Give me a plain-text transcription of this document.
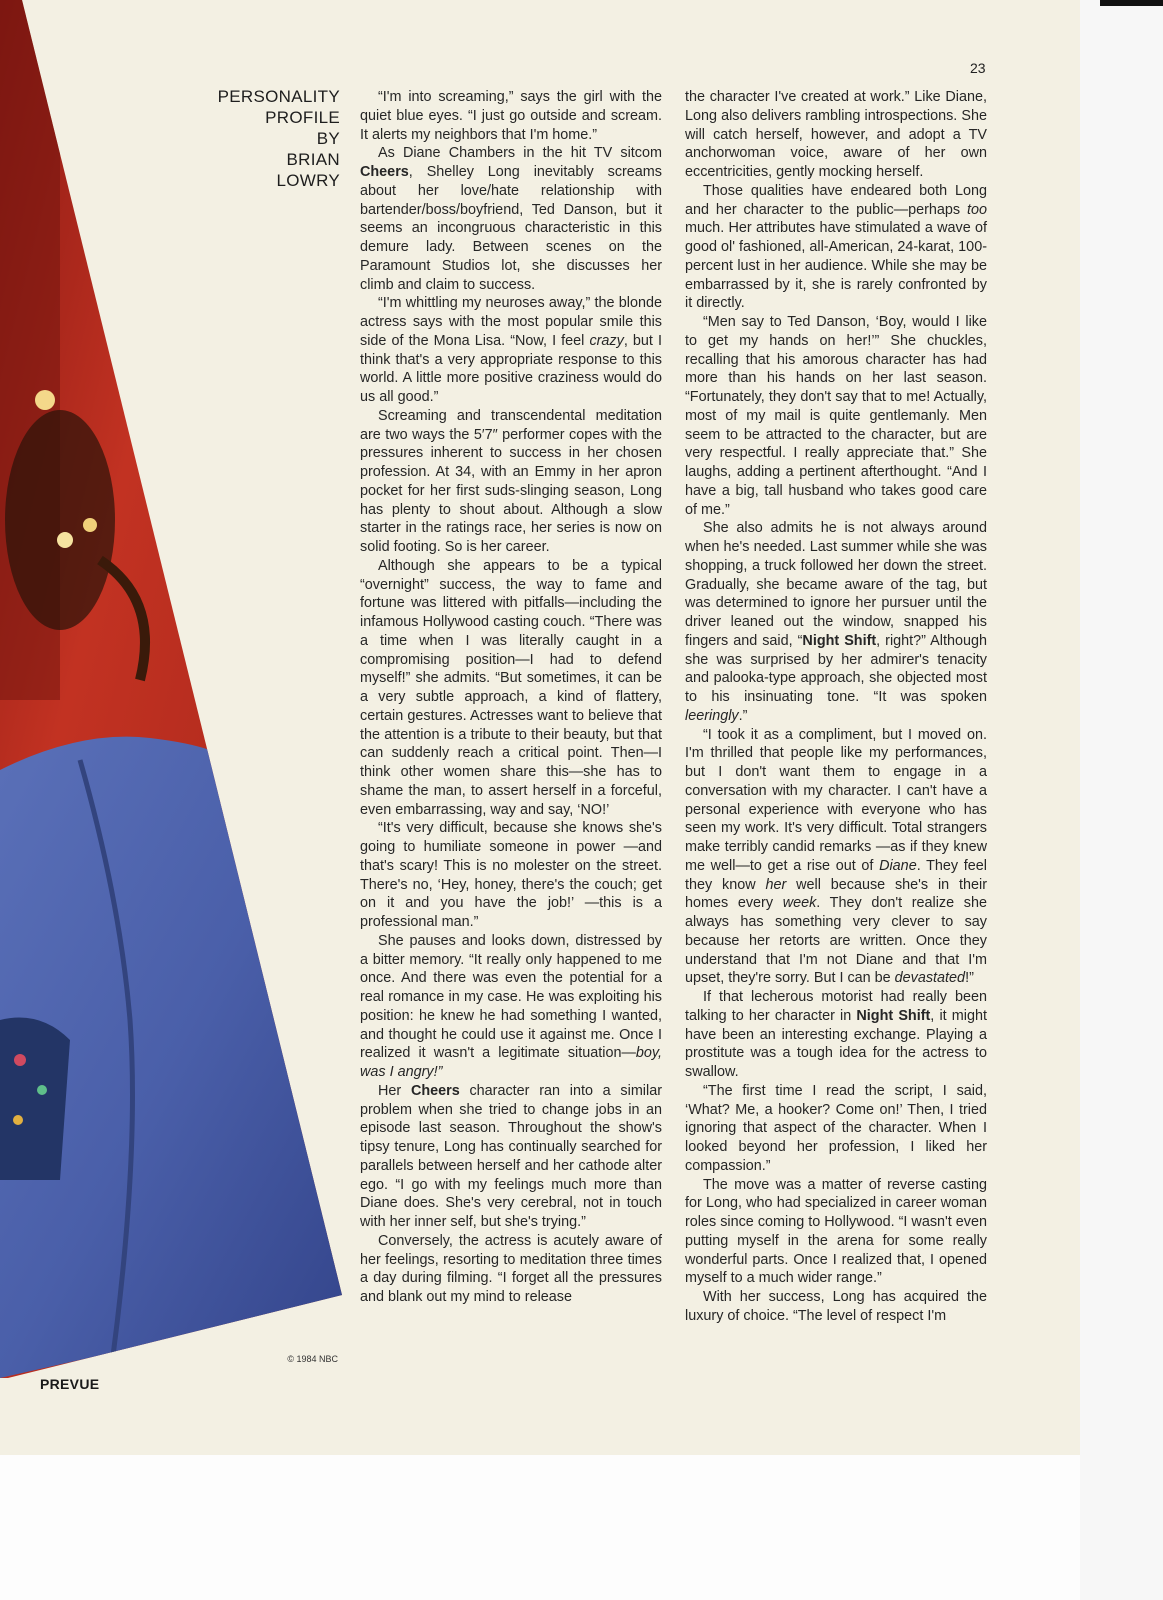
23
PERSONALITY
PROFILE
BY
BRIAN
LOWRY
© 1984 NBC
PREVUE

“I'm into screaming,” says the girl with the quiet blue eyes. “I just go outside and scream. It alerts my neighbors that I'm home.”

As Diane Chambers in the hit TV sitcom Cheers, Shelley Long inevitably screams about her love/hate relationship with bartender/boss/boyfriend, Ted Danson, but it seems an incongruous characteristic in this demure lady. Between scenes on the Paramount Studios lot, she discusses her climb and claim to success.

“I'm whittling my neuroses away,” the blonde actress says with the most popular smile this side of the Mona Lisa. “Now, I feel crazy, but I think that's a very appropriate response to this world. A little more positive craziness would do us all good.”

Screaming and transcendental meditation are two ways the 5′7″ performer copes with the pressures inherent to success in her chosen profession. At 34, with an Emmy in her apron pocket for her first suds-slinging season, Long has plenty to shout about. Although a slow starter in the ratings race, her series is now on solid footing. So is her career.

Although she appears to be a typical “overnight” success, the way to fame and fortune was littered with pitfalls—including the infamous Hollywood casting couch. “There was a time when I was literally caught in a compromising position—I had to defend myself!” she admits. “But sometimes, it can be a very subtle approach, a kind of flattery, certain gestures. Actresses want to believe that the attention is a tribute to their beauty, but that can suddenly reach a critical point. Then—I think other women share this—she has to shame the man, to assert herself in a forceful, even embarrassing, way and say, ‘NO!’

“It's very difficult, because she knows she's going to humiliate someone in power —and that's scary! This is no molester on the street. There's no, ‘Hey, honey, there's the couch; get on it and you have the job!’ —this is a professional man.”

She pauses and looks down, distressed by a bitter memory. “It really only happened to me once. And there was even the potential for a real romance in my case. He was exploiting his position: he knew he had something I wanted, and thought he could use it against me. Once I realized it wasn't a legitimate situation—boy, was I angry!”

Her Cheers character ran into a similar problem when she tried to change jobs in an episode last season. Throughout the show's tipsy tenure, Long has continually searched for parallels between herself and her cathode alter ego. “I go with my feelings much more than Diane does. She's very cerebral, not in touch with her inner self, but she's trying.”

Conversely, the actress is acutely aware of her feelings, resorting to meditation three times a day during filming. “I forget all the pressures and blank out my mind to release

the character I've created at work.” Like Diane, Long also delivers rambling introspections. She will catch herself, however, and adopt a TV anchorwoman voice, aware of her own eccentricities, gently mocking herself.

Those qualities have endeared both Long and her character to the public—perhaps too much. Her attributes have stimulated a wave of good ol' fashioned, all-American, 24-karat, 100-percent lust in her audience. While she may be embarrassed by it, she is rarely confronted by it directly.

“Men say to Ted Danson, ‘Boy, would I like to get my hands on her!’” She chuckles, recalling that his amorous character has had more than his hands on her last season. “Fortunately, they don't say that to me! Actually, most of my mail is quite gentlemanly. Men seem to be attracted to the character, but are very respectful. I really appreciate that.” She laughs, adding a pertinent afterthought. “And I have a big, tall husband who takes good care of me.”

She also admits he is not always around when he's needed. Last summer while she was shopping, a truck followed her down the street. Gradually, she became aware of the tag, but was determined to ignore her pursuer until the driver leaned out the window, snapped his fingers and said, “Night Shift, right?” Although she was surprised by her admirer's tenacity and palooka-type approach, she objected most to his insinuating tone. “It was spoken leeringly.”

“I took it as a compliment, but I moved on. I'm thrilled that people like my performances, but I don't want them to engage in a conversation with my character. I can't have a personal experience with everyone who has seen my work. It's very difficult. Total strangers make terribly candid remarks —as if they knew me well—to get a rise out of Diane. They feel they know her well because she's in their homes every week. They don't realize she always has something very clever to say because her retorts are written. Once they understand that I'm not Diane and that I'm upset, they're sorry. But I can be devastated!”

If that lecherous motorist had really been talking to her character in Night Shift, it might have been an interesting exchange. Playing a prostitute was a tough idea for the actress to swallow.

“The first time I read the script, I said, ‘What? Me, a hooker? Come on!’ Then, I tried ignoring that aspect of the character. When I looked beyond her profession, I liked her compassion.”

The move was a matter of reverse casting for Long, who had specialized in career woman roles since coming to Hollywood. “I wasn't even putting myself in the arena for some really wonderful parts. Once I realized that, I opened myself to a much wider range.”

With her success, Long has acquired the luxury of choice. “The level of respect I'm
